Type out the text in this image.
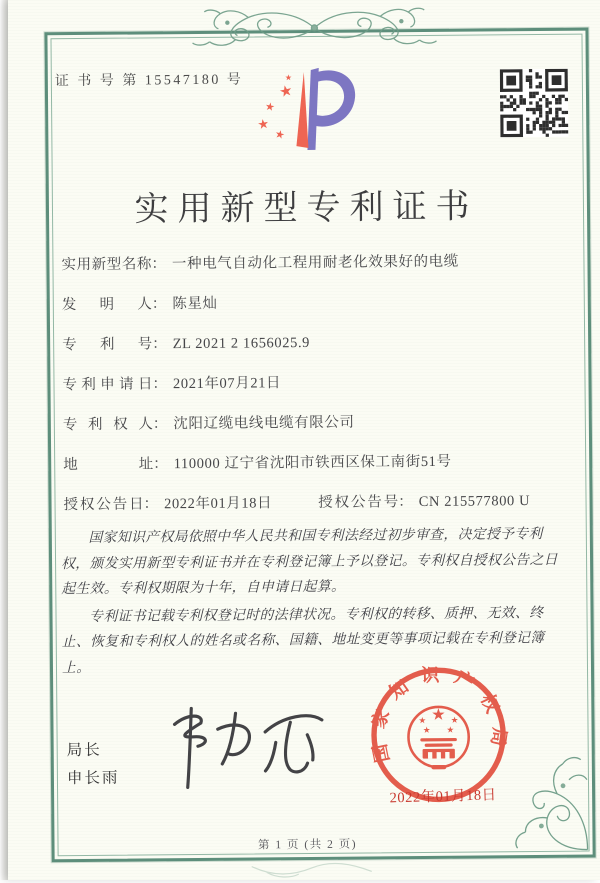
证 书 号 第 15547180 号 ★
★
★
★
★
实用新型专利证书
实用新型名称： 一种电气自动化工程用耐老化效果好的电缆
发明人： 陈星灿
专利号： ZL 2021 2 1656025.9
专利申请日： 2021年07月21日
专利权人： 沈阳辽缆电线电缆有限公司
地址： 110000 辽宁省沈阳市铁西区保工南街51号
授权公告日： 2022年01月18日	授权公告号： CN 215577800 U

国家知识产权局依照中华人民共和国专利法经过初步审查，决定授予专利权，颁发实用新型专利证书并在专利登记簿上予以登记。专利权自授权公告之日起生效。专利权期限为十年，自申请日起算。

专利证书记载专利权登记时的法律状况。专利权的转移、质押、无效、终止、恢复和专利权人的姓名或名称、国籍、地址变更等事项记载在专利登记簿上。

局长
申长雨
国家知识产权局
★
★	★
★ ★
2022年01月18日
第 1 页 (共 2 页)
